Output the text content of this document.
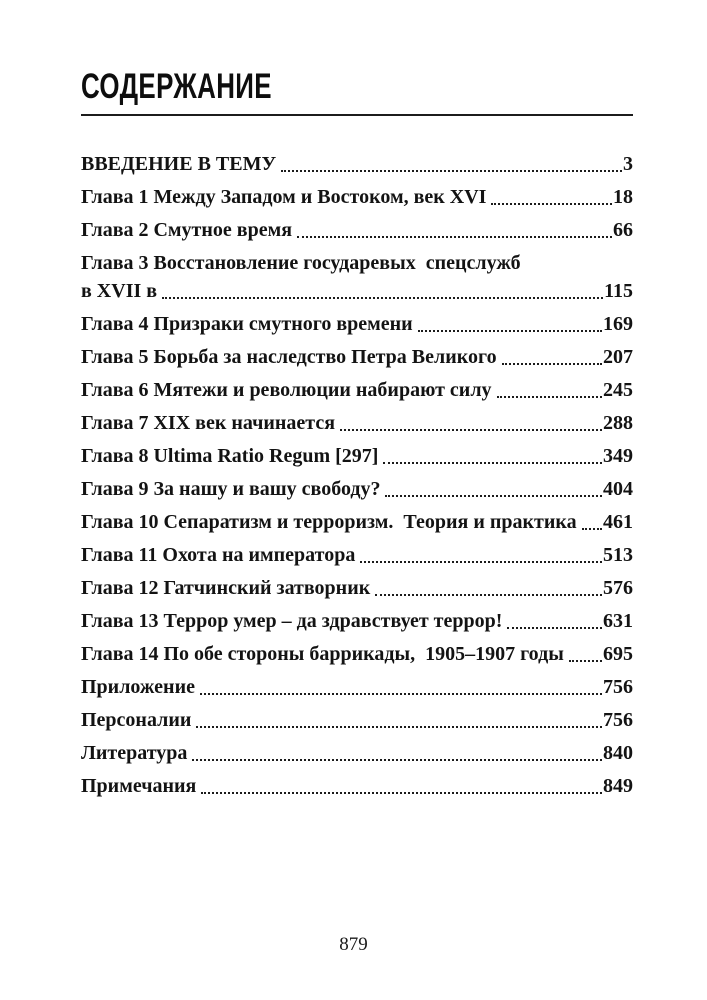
СОДЕРЖАНИЕ
ВВЕДЕНИЕ В ТЕМУ	3
Глава 1 Между Западом и Востоком, век XVI	18
Глава 2 Смутное время	66
Глава 3 Восстановление государевых  спецслужб
в XVII в	115
Глава 4 Призраки смутного времени	169
Глава 5 Борьба за наследство Петра Великого	207
Глава 6 Мятежи и революции набирают силу	245
Глава 7 XIX век начинается	288
Глава 8 Ultima Ratio Regum [297]	349
Глава 9 За нашу и вашу свободу?	404
Глава 10 Сепаратизм и терроризм.  Теория и практика 461
Глава 11 Охота на императора	513
Глава 12 Гатчинский затворник	576
Глава 13 Террор умер – да здравствует террор!	631
Глава 14 По обе стороны баррикады,  1905–1907 годы 695
Приложение	756
Персоналии	756
Литература	840
Примечания	849
879
